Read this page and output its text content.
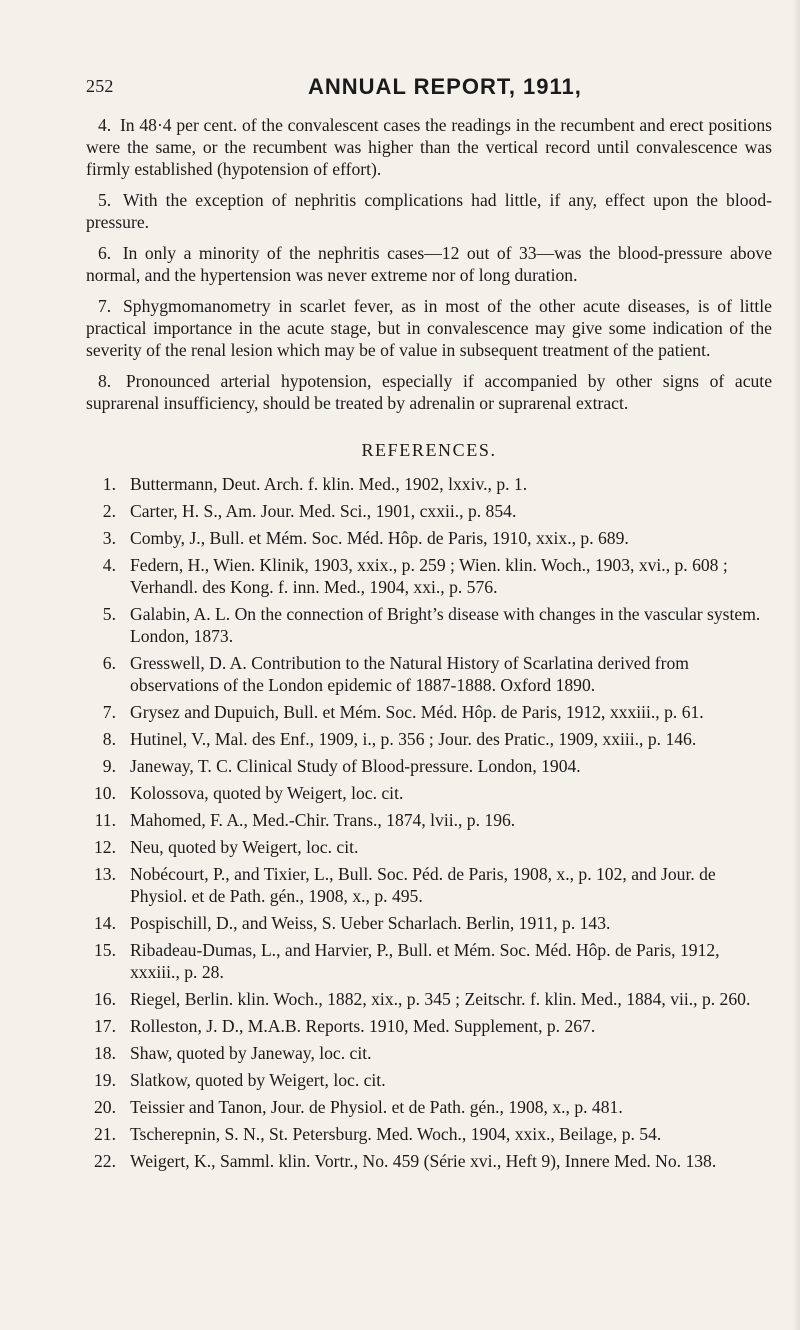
252	ANNUAL REPORT, 1911,

4. In 48·4 per cent. of the convalescent cases the readings in the recumbent and erect positions were the same, or the recumbent was higher than the vertical record until convalescence was firmly established (hypotension of effort).

5. With the exception of nephritis complications had little, if any, effect upon the blood-pressure.

6. In only a minority of the nephritis cases—12 out of 33—was the blood-pressure above normal, and the hypertension was never extreme nor of long duration.

7. Sphygmomanometry in scarlet fever, as in most of the other acute diseases, is of little practical importance in the acute stage, but in convalescence may give some indication of the severity of the renal lesion which may be of value in subsequent treatment of the patient.

8. Pronounced arterial hypotension, especially if accompanied by other signs of acute suprarenal insufficiency, should be treated by adrenalin or suprarenal extract.

REFERENCES.
1. Buttermann, Deut. Arch. f. klin. Med., 1902, lxxiv., p. 1.
2. Carter, H. S., Am. Jour. Med. Sci., 1901, cxxii., p. 854.
3. Comby, J., Bull. et Mém. Soc. Méd. Hôp. de Paris, 1910, xxix., p. 689.
4. Federn, H., Wien. Klinik, 1903, xxix., p. 259 ; Wien. klin. Woch., 1903, xvi., p. 608 ; Verhandl. des Kong. f. inn. Med., 1904, xxi., p. 576.
5. Galabin, A. L. On the connection of Bright’s disease with changes in the vascular system. London, 1873.
6. Gresswell, D. A. Contribution to the Natural History of Scarlatina derived from observations of the London epidemic of 1887-1888. Oxford 1890.
7. Grysez and Dupuich, Bull. et Mém. Soc. Méd. Hôp. de Paris, 1912, xxxiii., p. 61.
8. Hutinel, V., Mal. des Enf., 1909, i., p. 356 ; Jour. des Pratic., 1909, xxiii., p. 146.
9. Janeway, T. C. Clinical Study of Blood-pressure. London, 1904.
10. Kolossova, quoted by Weigert, loc. cit.
11. Mahomed, F. A., Med.-Chir. Trans., 1874, lvii., p. 196.
12. Neu, quoted by Weigert, loc. cit.
13. Nobécourt, P., and Tixier, L., Bull. Soc. Péd. de Paris, 1908, x., p. 102, and Jour. de Physiol. et de Path. gén., 1908, x., p. 495.
14. Pospischill, D., and Weiss, S. Ueber Scharlach. Berlin, 1911, p. 143.
15. Ribadeau-Dumas, L., and Harvier, P., Bull. et Mém. Soc. Méd. Hôp. de Paris, 1912, xxxiii., p. 28.
16. Riegel, Berlin. klin. Woch., 1882, xix., p. 345 ; Zeitschr. f. klin. Med., 1884, vii., p. 260.
17. Rolleston, J. D., M.A.B. Reports. 1910, Med. Supplement, p. 267.
18. Shaw, quoted by Janeway, loc. cit.
19. Slatkow, quoted by Weigert, loc. cit.
20. Teissier and Tanon, Jour. de Physiol. et de Path. gén., 1908, x., p. 481.
21. Tscherepnin, S. N., St. Petersburg. Med. Woch., 1904, xxix., Beilage, p. 54.
22. Weigert, K., Samml. klin. Vortr., No. 459 (Série xvi., Heft 9), Innere Med. No. 138.
